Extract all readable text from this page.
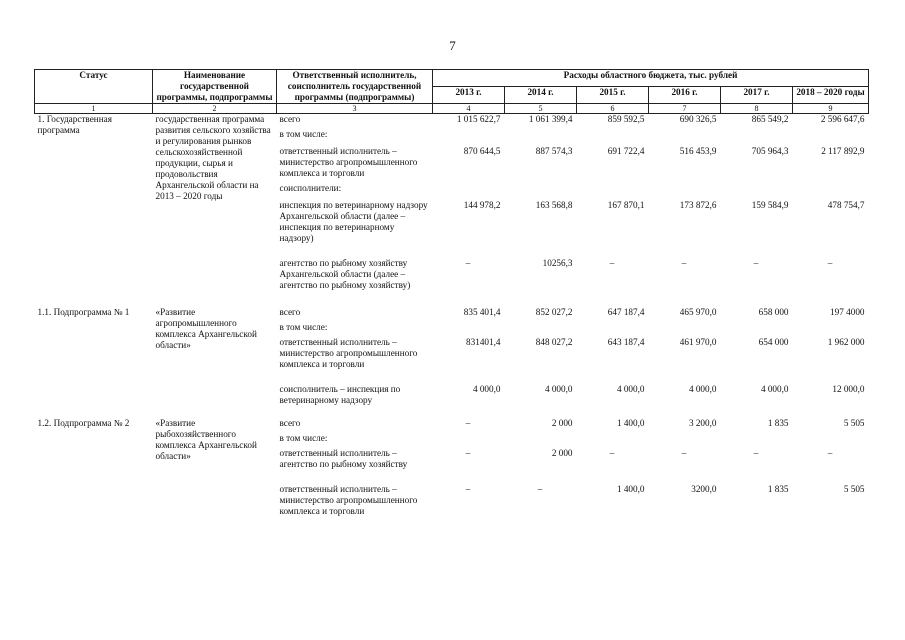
7
Статус	Наименование государственной программы, подпрограммы	Ответственный исполнитель, соисполнитель государственной программы (подпрограммы)	Расходы областного бюджета, тыс. рублей					
			2013 г.	2014 г.	2015 г.	2016 г.	2017 г.	2018 – 2020 годы
1	2	3	4	5	6	7	8	9
1. Государственная программа	государственная программа развития сельского хозяйства и регулирования рынков сельскохозяйственной продукции, сырья и продовольствия Архангельской области на 2013 – 2020 годы	всего	1 015 622,7	1 061 399,4	859 592,5	690 326,5	865 549,2	2 596 647,6
		в том числе:						
		ответственный исполнитель – министерство агропромышленного комплекса и торговли	870 644,5	887 574,3	691 722,4	516 453,9	705 964,3	2 117 892,9
		соисполнители:						
		инспекция по ветеринарному надзору Архангельской области (далее – инспекция по ветеринарному надзору)	144 978,2	163 568,8	167 870,1	173 872,6	159 584,9	478 754,7
		агентство по рыбному хозяйству Архангельской области (далее – агентство по рыбному хозяйству)	–	10256,3	–	–	–	–

1.1. Подпрограмма № 1	«Развитие агропромышленного комплекса Архангельской области»	всего	835 401,4	852 027,2	647 187,4	465 970,0	658 000	197 4000
		в том числе:						
		ответственный исполнитель – министерство агропромышленного комплекса и торговли	831401,4	848 027,2	643 187,4	461 970,0	654 000	1 962 000
		соисполнитель – инспекция по ветеринарному надзору	4 000,0	4 000,0	4 000,0	4 000,0	4 000,0	12 000,0

1.2. Подпрограмма № 2	«Развитие рыбохозяйственного комплекса Архангельской области»	всего	–	2 000	1 400,0	3 200,0	1 835	5 505
		в том числе:						
		ответственный исполнитель – агентство по рыбному хозяйству	–	2 000	–	–	–	–
		ответственный исполнитель – министерство агропромышленного комплекса и торговли	–	–	1 400,0	3200,0	1 835	5 505
